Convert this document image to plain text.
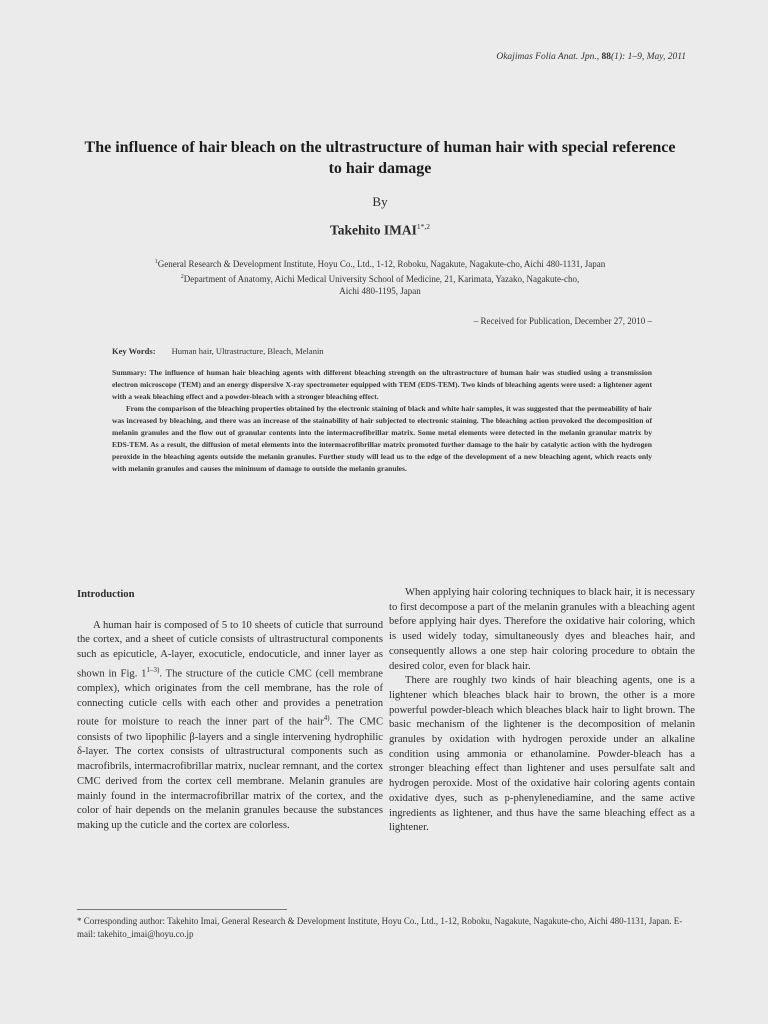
Okajimas Folia Anat. Jpn., 88(1): 1–9, May, 2011
The influence of hair bleach on the ultrastructure of human hair with special reference to hair damage
By
Takehito $IMAI^{1*,2}$
$^1$General Research & Development Institute, Hoyu Co., Ltd., 1-12, Roboku, Nagakute, Nagakute-cho, Aichi 480-1131, Japan
$^2$Department of Anatomy, Aichi Medical University School of Medicine, 21, Karimata, Yazako, Nagakute-cho,
Aichi 480-1195, Japan
– Received for Publication, December 27, 2010 –
Key Words: Human hair, Ultrastructure, Bleach, Melanin

Summary: The influence of human hair bleaching agents with different bleaching strength on the ultrastructure of human hair was studied using a transmission electron microscope (TEM) and an energy dispersive X-ray spectrometer equipped with TEM (EDS-TEM). Two kinds of bleaching agents were used: a lightener agent with a weak bleaching effect and a powder-bleach with a stronger bleaching effect.

From the comparison of the bleaching properties obtained by the electronic staining of black and white hair samples, it was suggested that the permeability of hair was increased by bleaching, and there was an increase of the stainability of hair subjected to electronic staining. The bleaching action provoked the decomposition of melanin granules and the flow out of granular contents into the intermacrofibrillar matrix. Some metal elements were detected in the melanin granular matrix by EDS-TEM. As a result, the diffusion of metal elements into the intermacrofibrillar matrix promoted further damage to the hair by catalytic action with the hydrogen peroxide in the bleaching agents outside the melanin granules. Further study will lead us to the edge of the development of a new bleaching agent, which reacts only with melanin granules and causes the minimum of damage to outside the melanin granules.

Introduction

A human hair is composed of 5 to 10 sheets of cuticle that surround the cortex, and a sheet of cuticle consists of ultrastructural components such as epicuticle, A-layer, exocuticle, endocuticle, and inner layer as shown in Fig. 1$^{1-3)}$. The structure of the cuticle CMC (cell membrane complex), which originates from the cell membrane, has the role of connecting cuticle cells with each other and provides a penetration route for moisture to reach the inner part of the hair$^{4)}$. The CMC consists of two lipophilic β-layers and a single intervening hydrophilic δ-layer. The cortex consists of ultrastructural components such as macrofibrils, intermacrofibrillar matrix, nuclear remnant, and the cortex CMC derived from the cortex cell membrane. Melanin granules are mainly found in the intermacrofibrillar matrix of the cortex, and the color of hair depends on the melanin granules because the substances making up the cuticle and the cortex are colorless.

When applying hair coloring techniques to black hair, it is necessary to first decompose a part of the melanin granules with a bleaching agent before applying hair dyes. Therefore the oxidative hair coloring, which is used widely today, simultaneously dyes and bleaches hair, and consequently allows a one step hair coloring procedure to obtain the desired color, even for black hair.

There are roughly two kinds of hair bleaching agents, one is a lightener which bleaches black hair to brown, the other is a more powerful powder-bleach which bleaches black hair to light brown. The basic mechanism of the lightener is the decomposition of melanin granules by oxidation with hydrogen peroxide under an alkaline condition using ammonia or ethanolamine. Powder-bleach has a stronger bleaching effect than lightener and uses persulfate salt and hydrogen peroxide. Most of the oxidative hair coloring agents contain oxidative dyes, such as p-phenylenediamine, and the same active ingredients as lightener, and thus have the same bleaching effect as a lightener.

* Corresponding author: Takehito Imai, General Research & Development Institute, Hoyu Co., Ltd., 1-12, Roboku, Nagakute, Nagakute-cho, Aichi 480-1131, Japan. E-mail: takehito_imai@hoyu.co.jp
